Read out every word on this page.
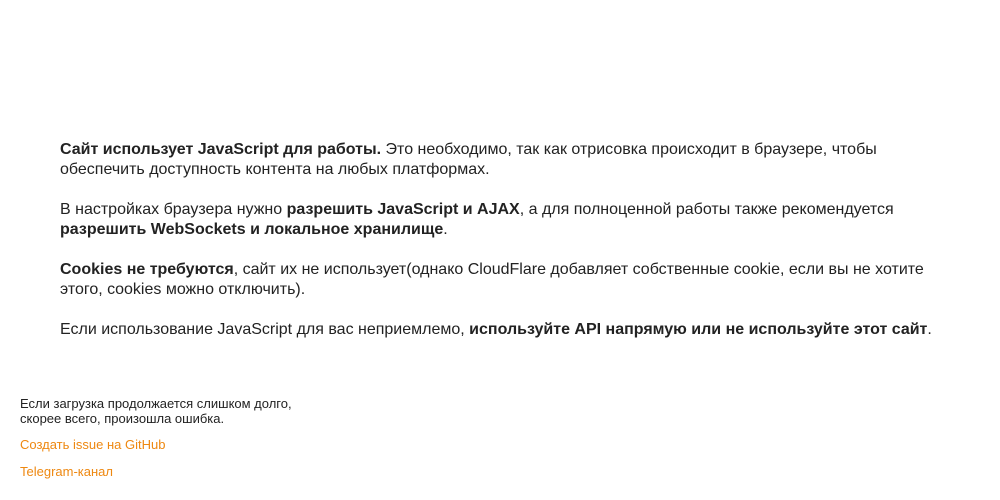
Сайт использует JavaScript для работы. Это необходимо, так как отрисовка происходит в браузере, чтобы обеспечить доступность контента на любых платформах.

В настройках браузера нужно разрешить JavaScript и AJAX, а для полноценной работы также рекомендуется разрешить WebSockets и локальное хранилище.

Cookies не требуются, сайт их не использует(однако CloudFlare добавляет собственные cookie, если вы не хотите этого, cookies можно отключить).

Если использование JavaScript для вас неприемлемо, используйте API напрямую или не используйте этот сайт.

Если загрузка продолжается слишком долго,
скорее всего, произошла ошибка.
Создать issue на GitHub
Telegram-канал
